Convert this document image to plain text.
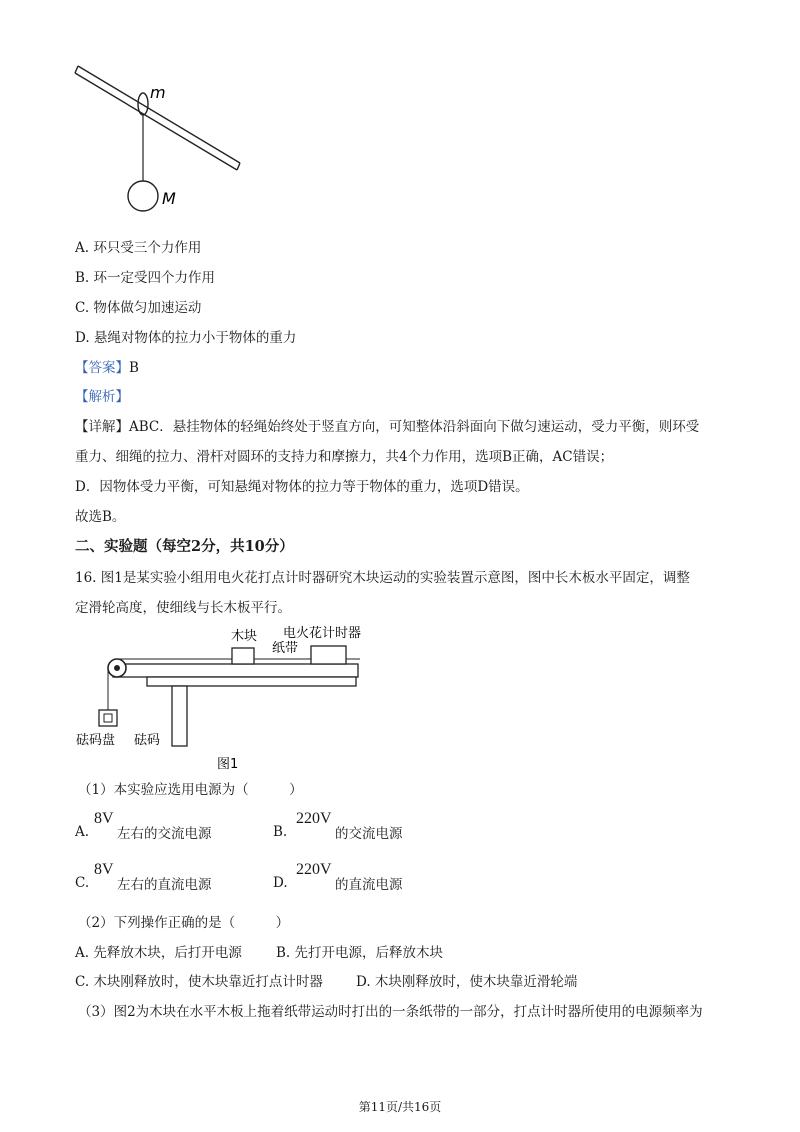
m
M
A. 环只受三个力作用
B. 环一定受四个力作用
C. 物体做匀加速运动
D. 悬绳对物体的拉力小于物体的重力
【答案】B
【解析】
【详解】ABC．悬挂物体的轻绳始终处于竖直方向，可知整体沿斜面向下做匀速运动，受力平衡，则环受
重力、细绳的拉力、滑杆对圆环的支持力和摩擦力，共4个力作用，选项B正确，AC错误；
D．因物体受力平衡，可知悬绳对物体的拉力等于物体的重力，选项D错误。
故选B。
二、实验题（每空2分，共10分）
16. 图1是某实验小组用电火花打点计时器研究木块运动的实验装置示意图，图中长木板水平固定，调整
定滑轮高度，使细线与长木板平行。
木块 电火花计时器
纸带
砝码盘 砝码
图1
（1）本实验应选用电源为（　　　）
A.
8V
左右的交流电源	B.
220V
的交流电源
C.
8V
左右的直流电源	D.
220V
的直流电源
（2）下列操作正确的是（　　　）
A. 先释放木块，后打开电源	B. 先打开电源，后释放木块
C. 木块刚释放时，使木块靠近打点计时器 D. 木块刚释放时，使木块靠近滑轮端
（3）图2为木块在水平木板上拖着纸带运动时打出的一条纸带的一部分，打点计时器所使用的电源频率为
第11页/共16页
